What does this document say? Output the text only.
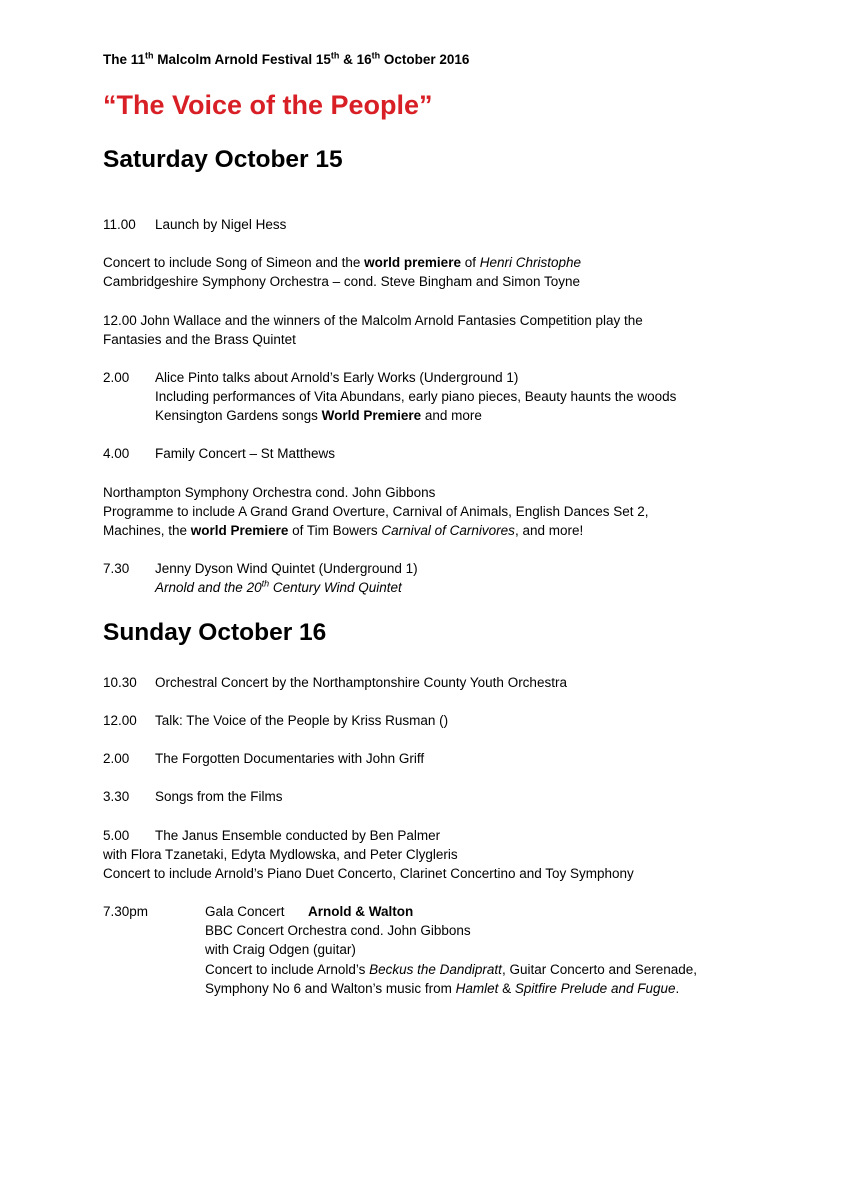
The 11th Malcolm Arnold Festival 15th & 16th October 2016
“The Voice of the People”
Saturday October 15
11.00 Launch by Nigel Hess
Concert to include Song of Simeon and the world premiere of Henri Christophe
Cambridgeshire Symphony Orchestra – cond. Steve Bingham and Simon Toyne
12.00 John Wallace and the winners of the Malcolm Arnold Fantasies Competition play the
Fantasies and the Brass Quintet
2.00 Alice Pinto talks about Arnold’s Early Works (Underground 1)
Including performances of Vita Abundans, early piano pieces, Beauty haunts the woods
Kensington Gardens songs World Premiere and more
4.00 Family Concert – St Matthews
Northampton Symphony Orchestra cond. John Gibbons
Programme to include A Grand Grand Overture, Carnival of Animals, English Dances Set 2,
Machines, the world Premiere of Tim Bowers Carnival of Carnivores, and more!
7.30 Jenny Dyson Wind Quintet (Underground 1)
Arnold and the 20th Century Wind Quintet
Sunday October 16
10.30 Orchestral Concert by the Northamptonshire County Youth Orchestra
12.00 Talk: The Voice of the People by Kriss Rusman ()
2.00 The Forgotten Documentaries with John Griff
3.30 Songs from the Films
5.00 The Janus Ensemble conducted by Ben Palmer
with Flora Tzanetaki, Edyta Mydlowska, and Peter Clygleris
Concert to include Arnold’s Piano Duet Concerto, Clarinet Concertino and Toy Symphony
7.30pm	Gala Concert Arnold & Walton
BBC Concert Orchestra cond. John Gibbons
with Craig Odgen (guitar)
Concert to include Arnold’s Beckus the Dandipratt, Guitar Concerto and Serenade,
Symphony No 6 and Walton’s music from Hamlet & Spitfire Prelude and Fugue.
